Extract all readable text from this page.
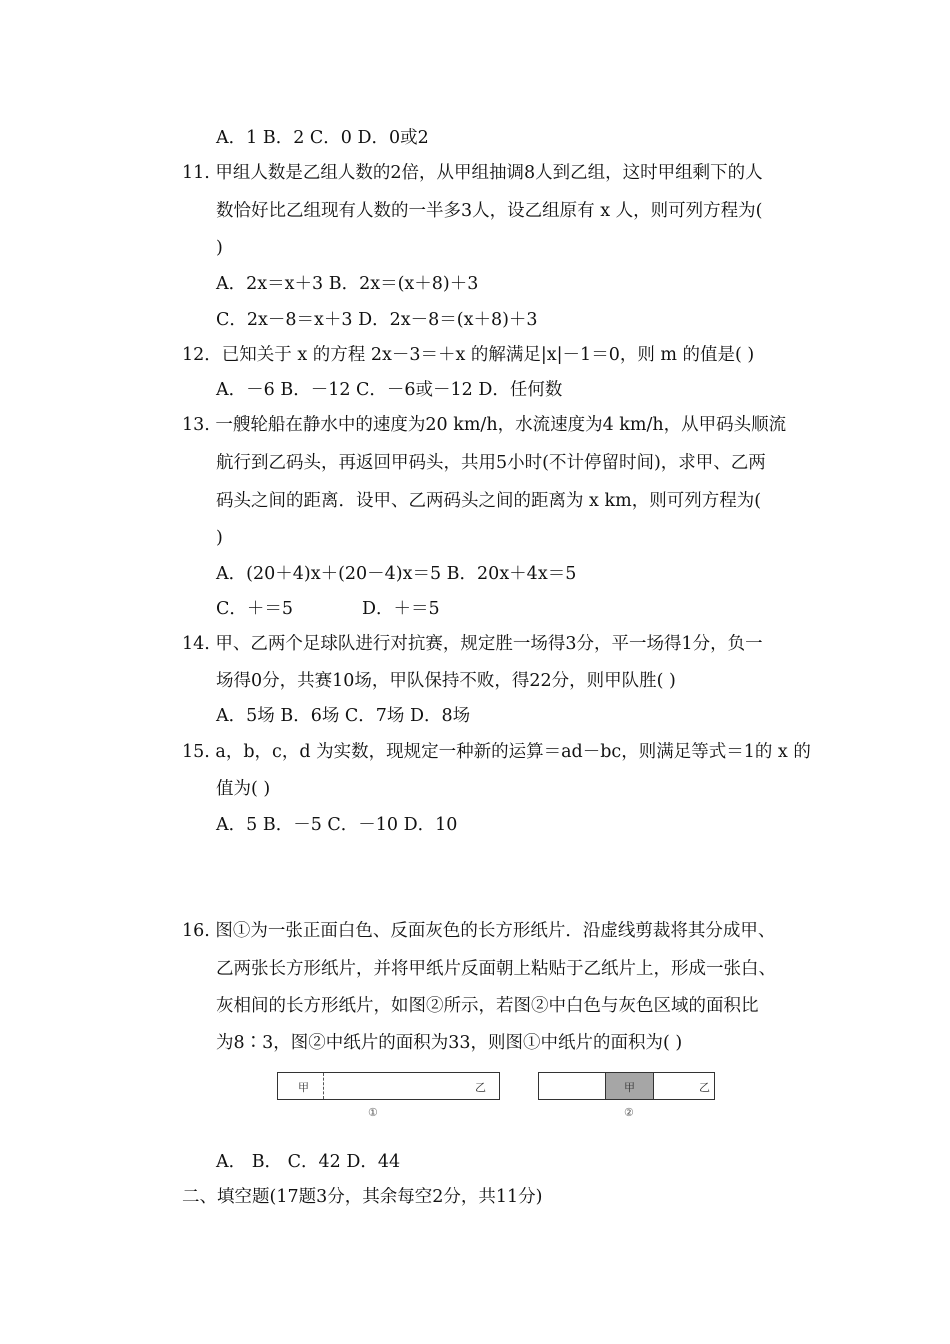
A．1 B．2 C．0 D．0或2
11. 甲组人数是乙组人数的2倍，从甲组抽调8人到乙组，这时甲组剩下的人
数恰好比乙组现有人数的一半多3人，设乙组原有 x 人，则可列方程为(
)
A．2x＝x＋3 B．2x＝(x＋8)＋3
C．2x－8＝x＋3 D．2x－8＝(x＋8)＋3
12．已知关于 x 的方程 2x－3＝＋x 的解满足|x|－1＝0，则 m 的值是( )
A．－6 B．－12 C．－6或－12 D．任何数
13. 一艘轮船在静水中的速度为20 km/h，水流速度为4 km/h，从甲码头顺流
航行到乙码头，再返回甲码头，共用5小时(不计停留时间)，求甲、乙两
码头之间的距离．设甲、乙两码头之间的距离为 x km，则可列方程为(
)
A．(20＋4)x＋(20－4)x＝5 B．20x＋4x＝5
C．＋＝5	D．＋＝5
14. 甲、乙两个足球队进行对抗赛，规定胜一场得3分，平一场得1分，负一
场得0分，共赛10场，甲队保持不败，得22分，则甲队胜( )
A．5场 B．6场 C．7场 D．8场
15. a，b，c，d 为实数，现规定一种新的运算＝ad－bc，则满足等式＝1的 x 的
值为( )
A．5 B．－5 C．－10 D．10
16. 图①为一张正面白色、反面灰色的长方形纸片．沿虚线剪裁将其分成甲、
乙两张长方形纸片，并将甲纸片反面朝上粘贴于乙纸片上，形成一张白、
灰相间的长方形纸片，如图②所示，若图②中白色与灰色区域的面积比
为8∶3，图②中纸片的面积为33，则图①中纸片的面积为( )
甲	乙
①
甲	乙
②
A． B． C．42 D．44
二、填空题(17题3分，其余每空2分，共11分)
